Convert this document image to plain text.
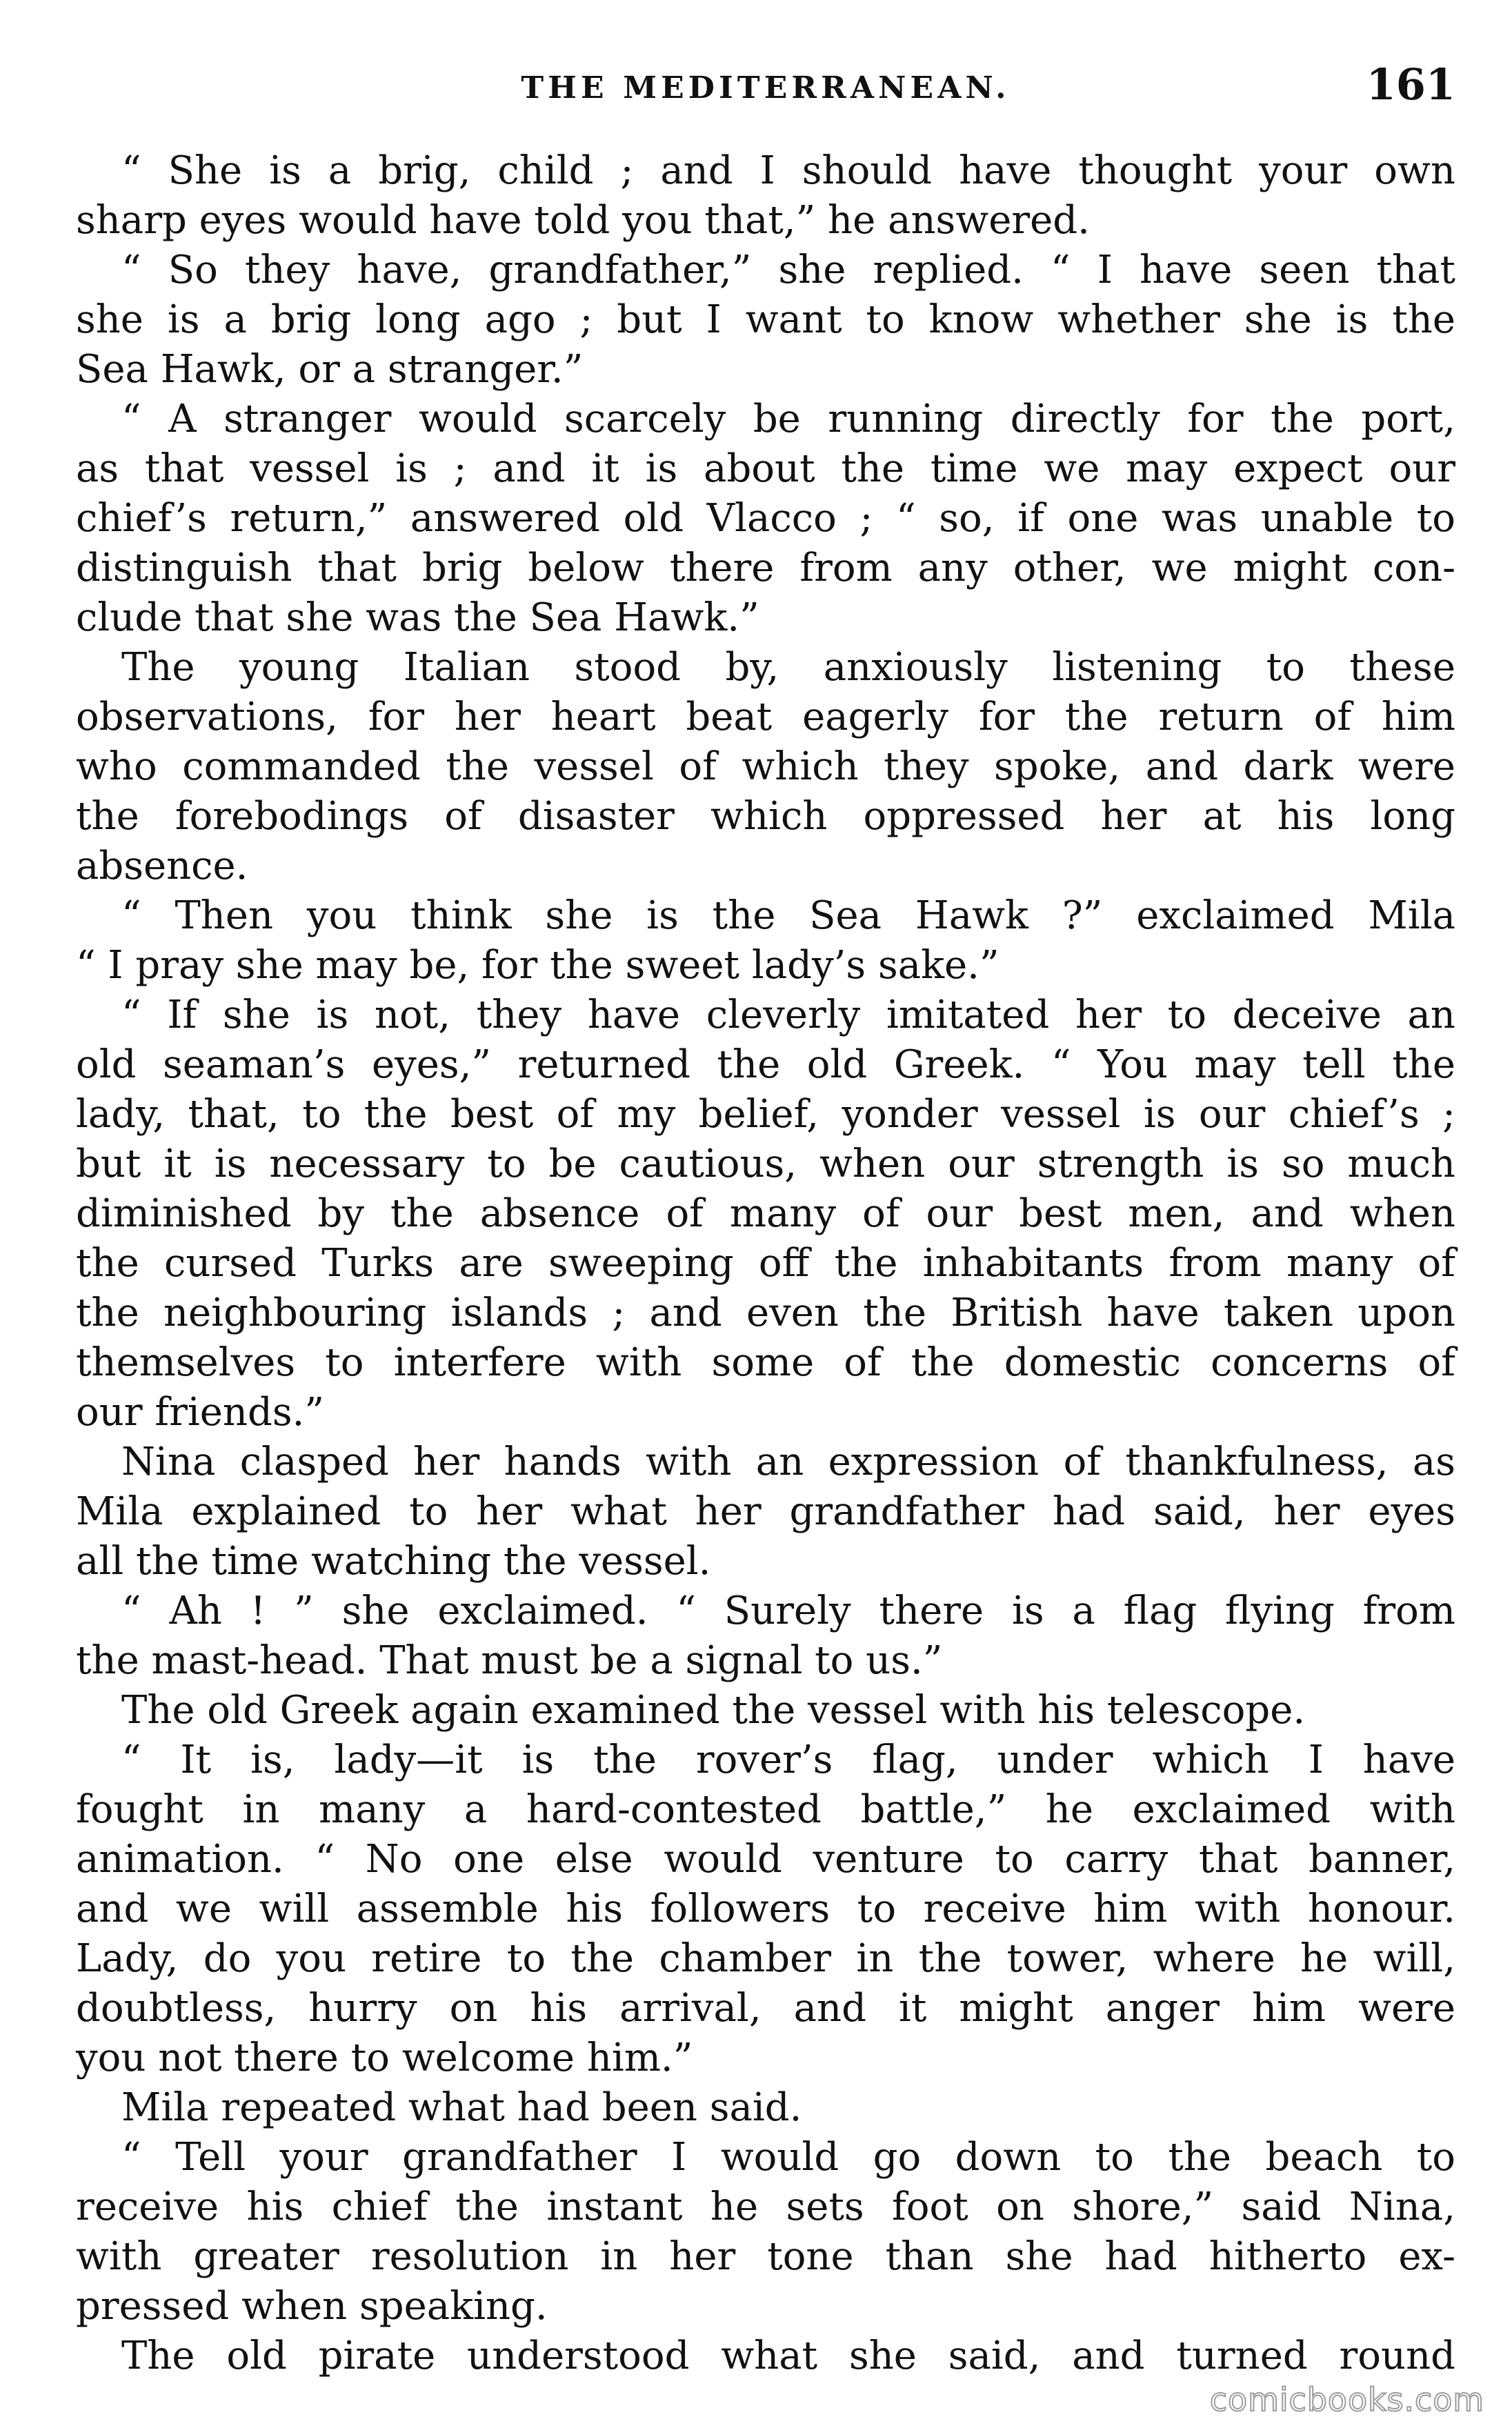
THE MEDITERRANEAN.	161
“ She is a brig, child ; and I should have thought your own
sharp eyes would have told you that,” he answered.
“ So they have, grandfather,” she replied. “ I have seen that
she is a brig long ago ; but I want to know whether she is the
Sea Hawk, or a stranger.”
“ A stranger would scarcely be running directly for the port,
as that vessel is ; and it is about the time we may expect our
chief’s return,” answered old Vlacco ; “ so, if one was unable to
distinguish that brig below there from any other, we might con-
clude that she was the Sea Hawk.”
The young Italian stood by, anxiously listening to these
observations, for her heart beat eagerly for the return of him
who commanded the vessel of which they spoke, and dark were
the forebodings of disaster which oppressed her at his long
absence.
“ Then you think she is the Sea Hawk ?” exclaimed Mila
“ I pray she may be, for the sweet lady’s sake.”
“ If she is not, they have cleverly imitated her to deceive an
old seaman’s eyes,” returned the old Greek. “ You may tell the
lady, that, to the best of my belief, yonder vessel is our chief’s ;
but it is necessary to be cautious, when our strength is so much
diminished by the absence of many of our best men, and when
the cursed Turks are sweeping off the inhabitants from many of
the neighbouring islands ; and even the British have taken upon
themselves to interfere with some of the domestic concerns of
our friends.”
Nina clasped her hands with an expression of thankfulness, as
Mila explained to her what her grandfather had said, her eyes
all the time watching the vessel.
“ Ah ! ” she exclaimed. “ Surely there is a flag flying from
the mast-head. That must be a signal to us.”
The old Greek again examined the vessel with his telescope.
“ It is, lady—it is the rover’s flag, under which I have
fought in many a hard-contested battle,” he exclaimed with
animation. “ No one else would venture to carry that banner,
and we will assemble his followers to receive him with honour.
Lady, do you retire to the chamber in the tower, where he will,
doubtless, hurry on his arrival, and it might anger him were
you not there to welcome him.”
Mila repeated what had been said.
“ Tell your grandfather I would go down to the beach to
receive his chief the instant he sets foot on shore,” said Nina,
with greater resolution in her tone than she had hitherto ex-
pressed when speaking.
The old pirate understood what she said, and turned round
comicbooks.com
